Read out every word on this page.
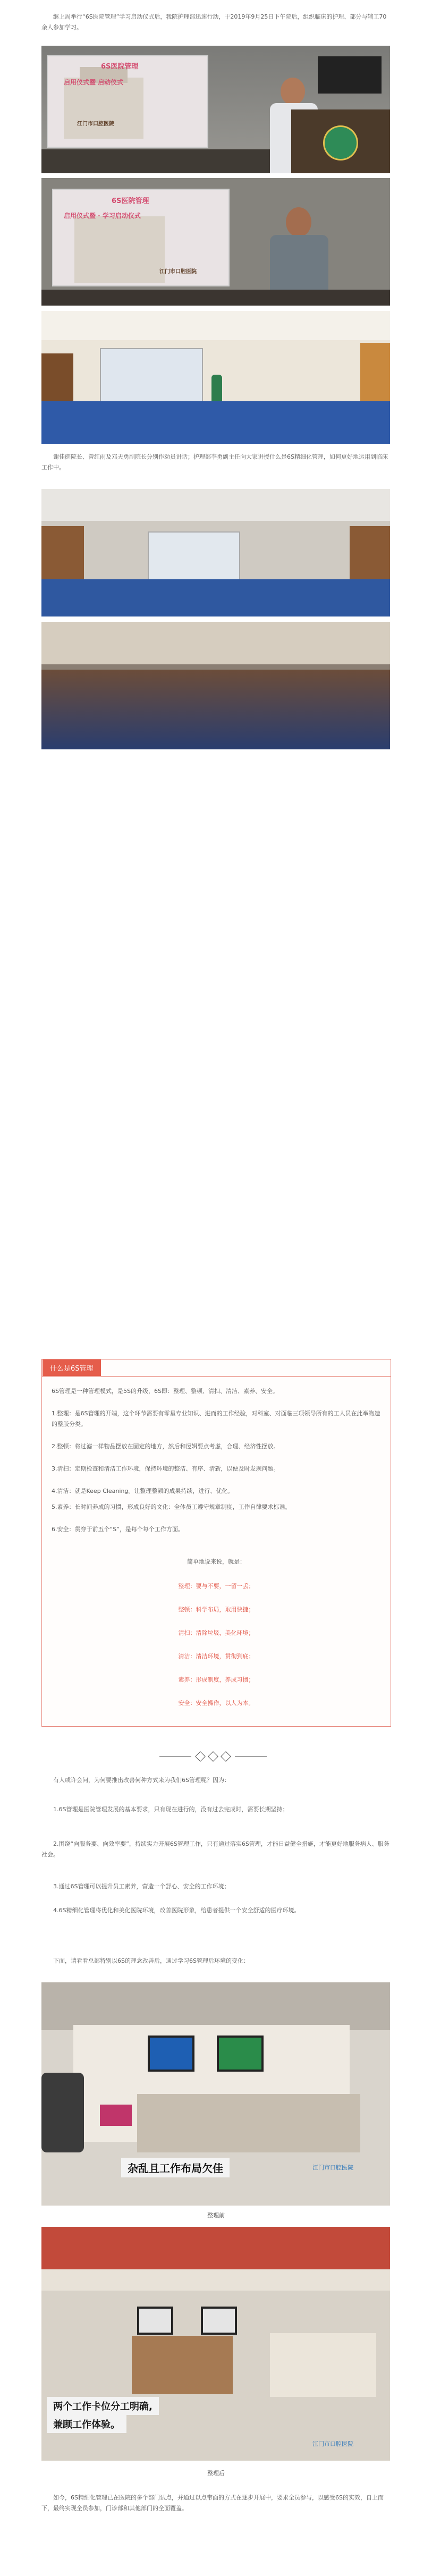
继上周举行“6S医院管理”学习启动仪式后，我院护理部迅速行动，于2019年9月25日下午院后，组织临床的护理、部分与辅工70余人参加学习。
6S医院管理
启用仪式暨 启动仪式
江门市口腔医院
6S医院管理
启用仪式暨 · 学习启动仪式
江门市口腔医院
谢佳庭院长、曾红雨及邓天勇副院长分别作动员讲话；护理部李勇副主任向大家讲授什么是6S精细化管理，如何更好地运用到临床工作中。
什么是6S管理
6S管理是一种管理模式，是5S的升级，6S即：整理、整顿、清扫、清洁、素养、安全。
1.整理：是6S管理的开端，这个环节需要有零星专业知识、进而的工作经验，对科室、对面临三项领导所有的工人员在此举物造的整胶分类。
2.整顿：将过滤一样物品摆放在固定的地方，然后和逻辑要点考虑，合理、经济性摆放。
3.清扫：定期检查和清洁工作环境，保持环境的整洁、有序、清新，以便及时发现问题。
4.清洁：就是Keep Cleaning。让整理整顿的成果持续，进行、优化。
5.素养：长时间养成的习惯，形成良好的文化：全体员工遵守规章制度，工作自律要求标准。
6.安全：贯穿于前五个“S”，是每个每个工作方面。
简单地说来说，就是：
整理：要与不要，一留一丢；
整顿：科学布局，取用快捷；
清扫：清除垃圾，美化环境；
清洁：清洁环境，贯彻到底；
素养：形成制度，养成习惯；
安全：安全操作，以人为本。
有人或许会问，为何要推出改善何种方式来为我们6S管理呢？因为：
1.6S管理是医院管理发展的基本要求，只有现在进行的，没有过去完成时，需要长期坚持；
2.围绕“向服务要、向效率要”，持续实力开展6S管理工作，只有通过落实6S管理，才能日益健全措施，才能更好地服务病人、服务社会。
3.通过6S管理可以提升员工素养，营造一个舒心、安全的工作环境；
4.6S精细化管理将优化和美化医院环境，改善医院形象，给患者提供一个安全舒适的医疗环境。
下面，请看看总部特别以6S的理念改善后，通过学习6S管理后环境的变化：
杂乱且工作布局欠佳	江门市口腔医院
整理前
两个工作卡位分工明确,
兼顾工作体验。
江门市口腔医院
整理后
如今，6S精细化管理已在医院的多个部门试点，并通过以点带面的方式在逐步开展中，要求全员参与，以感受6S的实效，自上而下，最终实现全员参加，门诊部和其他部门的全面覆盖。
